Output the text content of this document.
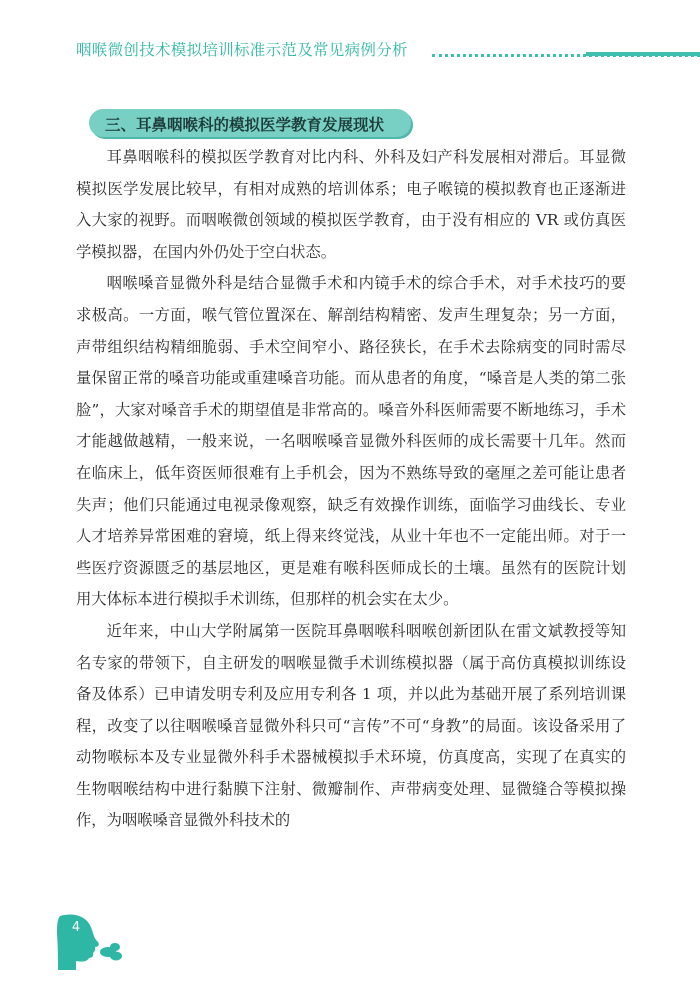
咽喉微创技术模拟培训标准示范及常见病例分析
三、耳鼻咽喉科的模拟医学教育发展现状

耳鼻咽喉科的模拟医学教育对比内科、外科及妇产科发展相对滞后。耳显微模拟医学发展比较早，有相对成熟的培训体系；电子喉镜的模拟教育也正逐渐进入大家的视野。而咽喉微创领域的模拟医学教育，由于没有相应的 VR 或仿真医学模拟器，在国内外仍处于空白状态。

咽喉嗓音显微外科是结合显微手术和内镜手术的综合手术，对手术技巧的要求极高。一方面，喉气管位置深在、解剖结构精密、发声生理复杂；另一方面，声带组织结构精细脆弱、手术空间窄小、路径狭长，在手术去除病变的同时需尽量保留正常的嗓音功能或重建嗓音功能。而从患者的角度，“嗓音是人类的第二张脸”，大家对嗓音手术的期望值是非常高的。嗓音外科医师需要不断地练习，手术才能越做越精，一般来说，一名咽喉嗓音显微外科医师的成长需要十几年。然而在临床上，低年资医师很难有上手机会，因为不熟练导致的毫厘之差可能让患者失声；他们只能通过电视录像观察，缺乏有效操作训练，面临学习曲线长、专业人才培养异常困难的窘境，纸上得来终觉浅，从业十年也不一定能出师。对于一些医疗资源匮乏的基层地区，更是难有喉科医师成长的土壤。虽然有的医院计划用大体标本进行模拟手术训练，但那样的机会实在太少。

近年来，中山大学附属第一医院耳鼻咽喉科咽喉创新团队在雷文斌教授等知名专家的带领下，自主研发的咽喉显微手术训练模拟器（属于高仿真模拟训练设备及体系）已申请发明专利及应用专利各 1 项，并以此为基础开展了系列培训课程，改变了以往咽喉嗓音显微外科只可“言传”不可“身教”的局面。该设备采用了动物喉标本及专业显微外科手术器械模拟手术环境，仿真度高，实现了在真实的生物咽喉结构中进行黏膜下注射、微瓣制作、声带病变处理、显微缝合等模拟操作，为咽喉嗓音显微外科技术的

4
